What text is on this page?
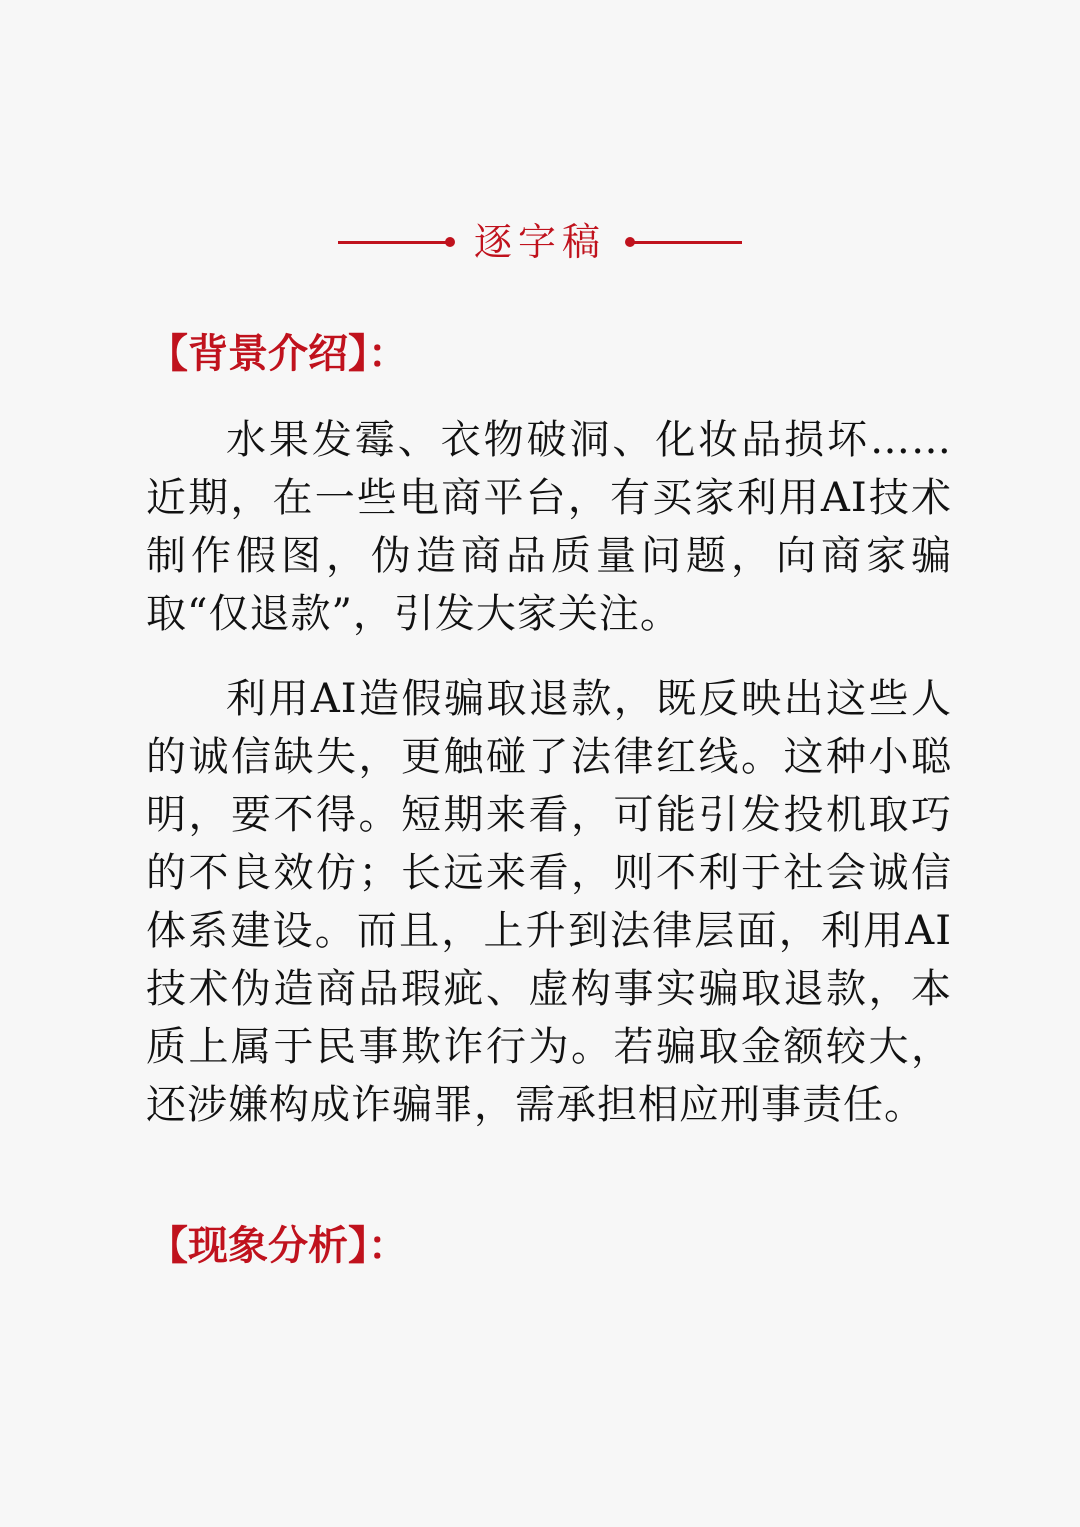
逐字稿
【背景介绍】：

水果发霉、衣物破洞、化妆品损坏……近期，在一些电商平台，有买家利用AI技术制作假图，伪造商品质量问题，向商家骗取“仅退款”，引发大家关注。

利用AI造假骗取退款，既反映出这些人的诚信缺失，更触碰了法律红线。这种小聪明，要不得。短期来看，可能引发投机取巧的不良效仿；长远来看，则不利于社会诚信体系建设。而且，上升到法律层面，利用AI技术伪造商品瑕疵、虚构事实骗取退款，本质上属于民事欺诈行为。若骗取金额较大，还涉嫌构成诈骗罪，需承担相应刑事责任。

【现象分析】：
